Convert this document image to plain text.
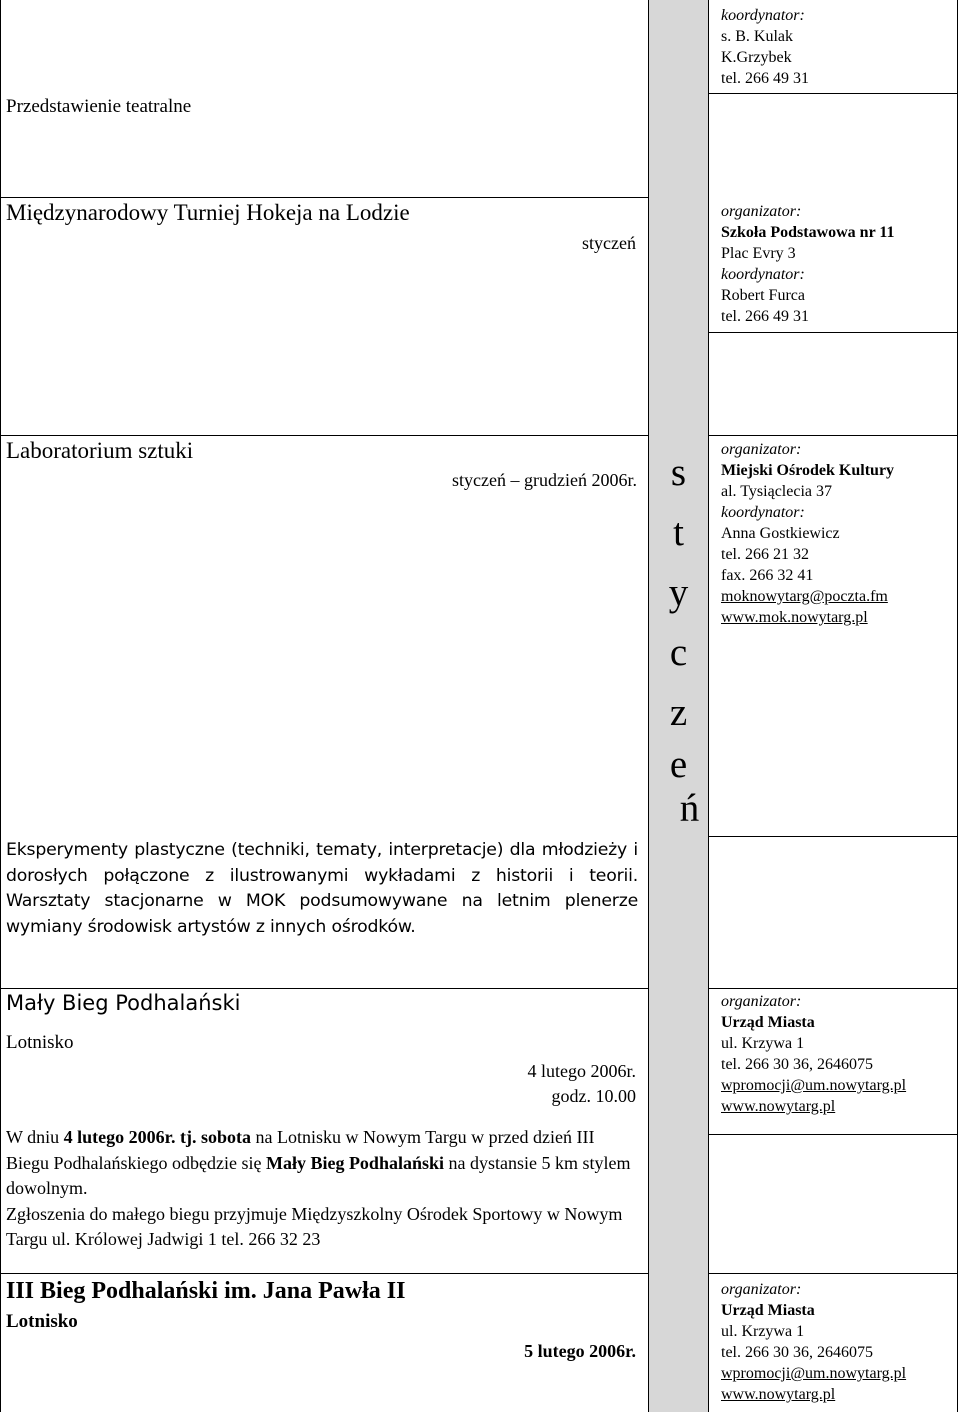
Przedstawienie teatralne
koordynator:
s. B. Kulak
K.Grzybek
tel. 266 49 31
Międzynarodowy Turniej Hokeja na Lodzie
styczeń
organizator:
Szkoła Podstawowa nr 11
Plac Evry 3
koordynator:
Robert Furca
tel. 266 49 31
Laboratorium sztuki
styczeń – grudzień 2006r. s
t
y
c
z
e
ń
Eksperymenty plastyczne (techniki, tematy, interpretacje) dla młodzieży i dorosłych połączone z ilustrowanymi wykładami z historii i teorii. Warsztaty stacjonarne w MOK podsumowywane na letnim plenerze wymiany środowisk artystów z innych ośrodków.
organizator:
Miejski Ośrodek Kultury
al. Tysiąclecia 37
koordynator:
Anna Gostkiewicz
tel. 266 21 32
fax. 266 32 41
moknowytarg@poczta.fm
www.mok.nowytarg.pl
Mały Bieg Podhalański
Lotnisko
4 lutego 2006r.
godz. 10.00
W dniu 4 lutego 2006r. tj. sobota na Lotnisku w Nowym Targu w przed dzień III Biegu Podhalańskiego odbędzie się Mały Bieg Podhalański na dystansie 5 km stylem dowolnym.
Zgłoszenia do małego biegu przyjmuje Międzyszkolny Ośrodek Sportowy w Nowym Targu ul. Królowej Jadwigi 1 tel. 266 32 23
organizator:
Urząd Miasta
ul. Krzywa 1
tel. 266 30 36, 2646075
wpromocji@um.nowytarg.pl
www.nowytarg.pl
III Bieg Podhalański im. Jana Pawła II
Lotnisko
5 lutego 2006r.
organizator:
Urząd Miasta
ul. Krzywa 1
tel. 266 30 36, 2646075
wpromocji@um.nowytarg.pl
www.nowytarg.pl
